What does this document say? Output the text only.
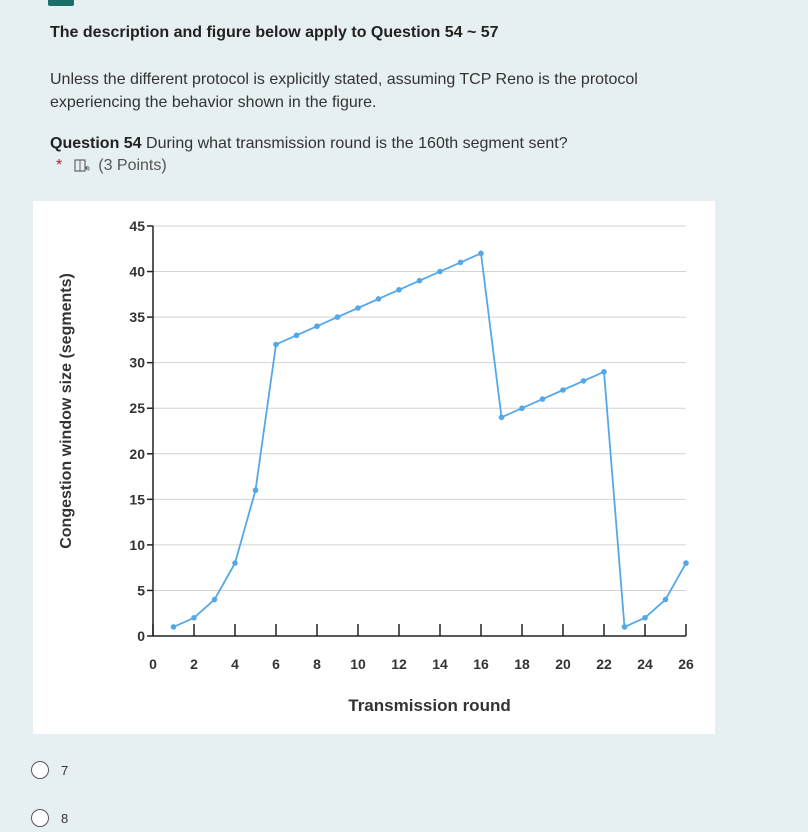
The description and figure below apply to Question 54 ~ 57
Unless the different protocol is explicitly stated, assuming TCP Reno is the protocol experiencing the behavior shown in the figure.
Question 54 During what transmission round is the 160th segment sent?
* (3 Points)
0
5
10
15
20
25
30
35
40
45
0 2 4 6 8 10 12 14 16 18 20 22 24 26
Transmission round
Congestion window size (segments)
7
8
